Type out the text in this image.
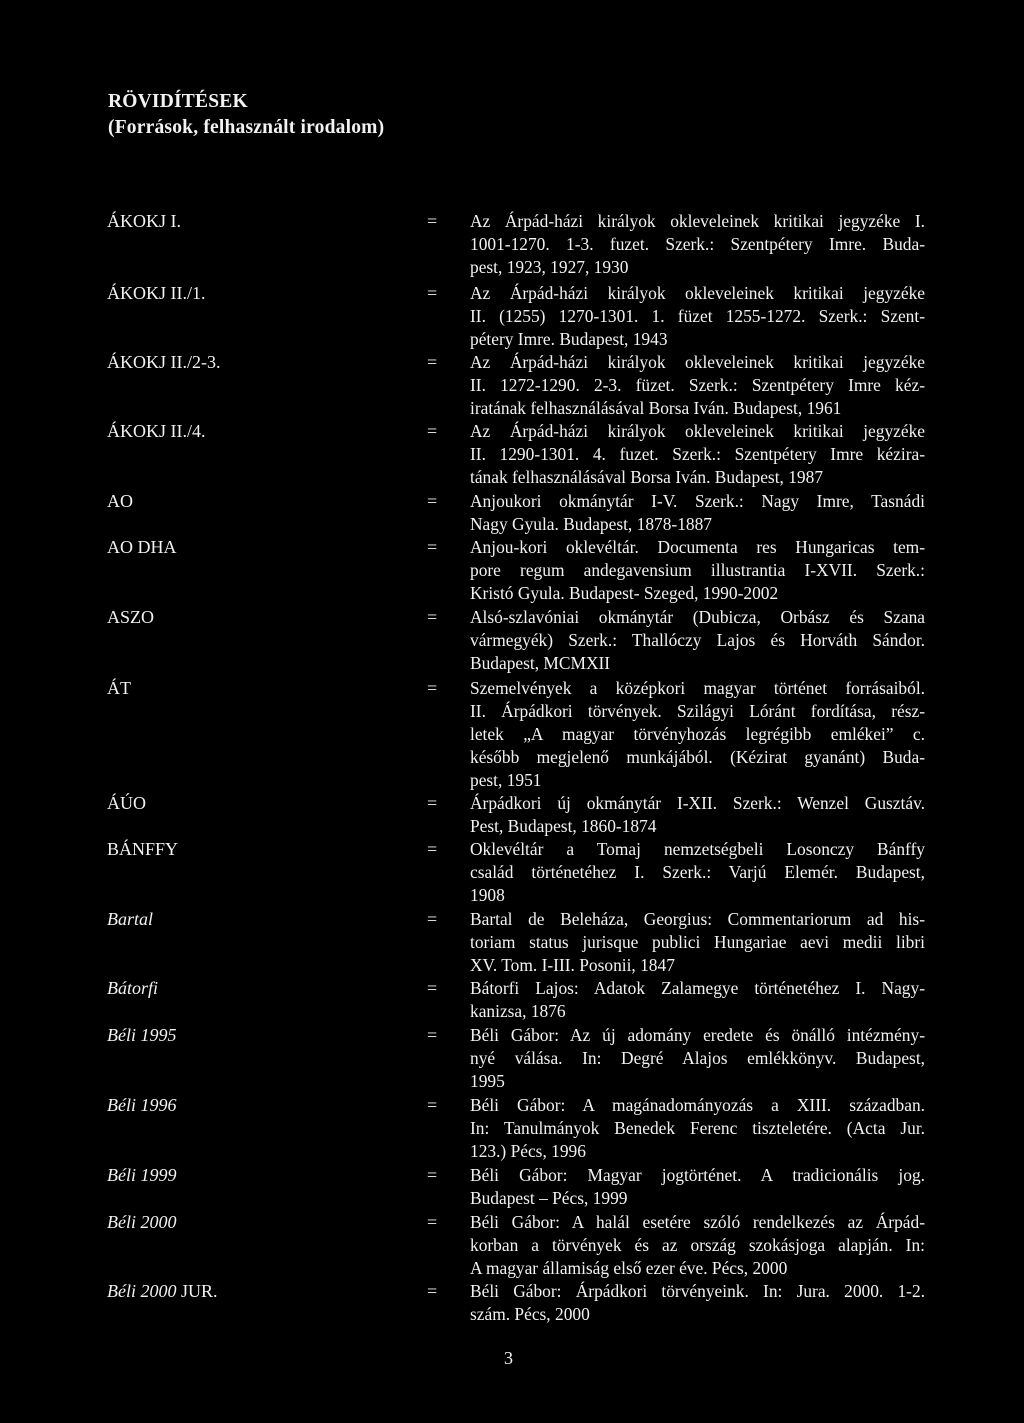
RÖVIDÍTÉSEK
(Források, felhasznált irodalom)
ÁKOKJ I.	= Az Árpád-házi királyok okleveleinek kritikai jegyzéke I.
1001-1270. 1-3. fuzet. Szerk.: Szentpétery Imre. Buda-
pest, 1923, 1927, 1930
ÁKOKJ II./1.	= Az Árpád-házi királyok okleveleinek kritikai jegyzéke
II. (1255) 1270-1301. 1. füzet 1255-1272. Szerk.: Szent-
pétery Imre. Budapest, 1943
ÁKOKJ II./2-3.	= Az Árpád-házi királyok okleveleinek kritikai jegyzéke
II. 1272-1290. 2-3. füzet. Szerk.: Szentpétery Imre kéz-
iratának felhasználásával Borsa Iván. Budapest, 1961
ÁKOKJ II./4.	= Az Árpád-házi királyok okleveleinek kritikai jegyzéke
II. 1290-1301. 4. fuzet. Szerk.: Szentpétery Imre kézira-
tának felhasználásával Borsa Iván. Budapest, 1987
AO	= Anjoukori okmánytár I-V. Szerk.: Nagy Imre, Tasnádi
Nagy Gyula. Budapest, 1878-1887
AO DHA	= Anjou-kori oklevéltár. Documenta res Hungaricas tem-
pore regum andegavensium illustrantia I-XVII. Szerk.:
Kristó Gyula. Budapest- Szeged, 1990-2002
ASZO	= Alsó-szlavóniai okmánytár (Dubicza, Orbász és Szana
vármegyék) Szerk.: Thallóczy Lajos és Horváth Sándor.
Budapest, MCMXII
ÁT	= Szemelvények a középkori magyar történet forrásaiból.
II. Árpádkori törvények. Szilágyi Lóránt fordítása, rész-
letek „A magyar törvényhozás legrégibb emlékei” c.
később megjelenő munkájából. (Kézirat gyanánt) Buda-
pest, 1951
ÁÚO	= Árpádkori új okmánytár I-XII. Szerk.: Wenzel Gusztáv.
Pest, Budapest, 1860-1874
BÁNFFY	= Oklevéltár a Tomaj nemzetségbeli Losonczy Bánffy
család történetéhez I. Szerk.: Varjú Elemér. Budapest,
1908
Bartal	= Bartal de Beleháza, Georgius: Commentariorum ad his-
toriam status jurisque publici Hungariae aevi medii libri
XV. Tom. I-III. Posonii, 1847
Bátorfi	= Bátorfi Lajos: Adatok Zalamegye történetéhez I. Nagy-
kanizsa, 1876
Béli 1995	= Béli Gábor: Az új adomány eredete és önálló intézmény-
nyé válása. In: Degré Alajos emlékkönyv. Budapest,
1995
Béli 1996	= Béli Gábor: A magánadományozás a XIII. században.
In: Tanulmányok Benedek Ferenc tiszteletére. (Acta Jur.
123.) Pécs, 1996
Béli 1999	= Béli Gábor: Magyar jogtörténet. A tradicionális jog.
Budapest – Pécs, 1999
Béli 2000	= Béli Gábor: A halál esetére szóló rendelkezés az Árpád-
korban a törvények és az ország szokásjoga alapján. In:
A magyar államiság első ezer éve. Pécs, 2000
Béli 2000 JUR.	= Béli Gábor: Árpádkori törvényeink. In: Jura. 2000. 1-2.
szám. Pécs, 2000
3
